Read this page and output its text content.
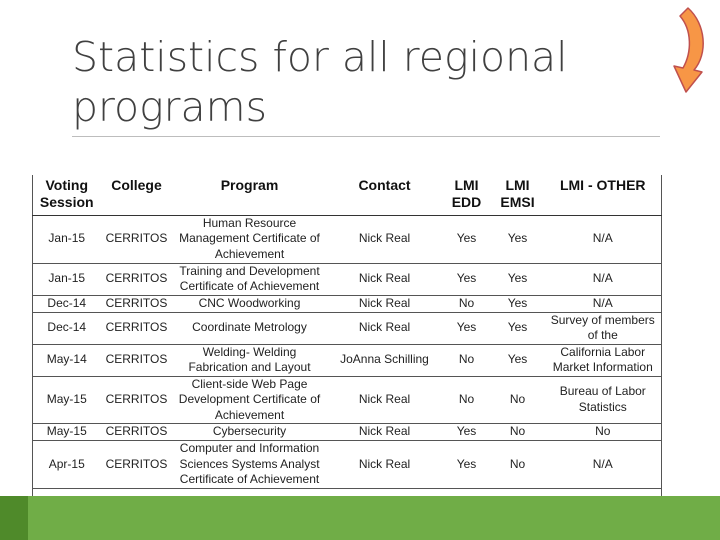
Statistics for all regional programs
Voting Session	College	Program	Contact	LMI EDD	LMI EMSI	LMI - OTHER
Jan-15	CERRITOS	Human Resource Management Certificate of Achievement	Nick Real	Yes	Yes	N/A
Jan-15	CERRITOS	Training and Development Certificate of Achievement	Nick Real	Yes	Yes	N/A
Dec-14	CERRITOS	CNC Woodworking	Nick Real	No	Yes	N/A
Dec-14	CERRITOS	Coordinate Metrology	Nick Real	Yes	Yes	Survey of members of the
May-14	CERRITOS	Welding- Welding Fabrication and Layout	JoAnna Schilling	No	Yes	California Labor Market Information
May-15	CERRITOS	Client-side Web Page Development Certificate of Achievement	Nick Real	No	No	Bureau of Labor Statistics
May-15	CERRITOS	Cybersecurity	Nick Real	Yes	No	No
Apr-15	CERRITOS	Computer and Information Sciences Systems Analyst Certificate of Achievement	Nick Real	Yes	No	N/A
